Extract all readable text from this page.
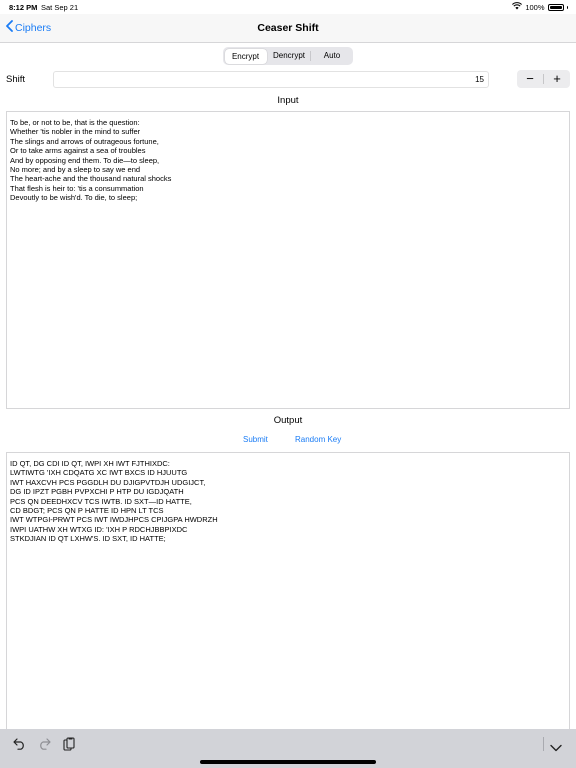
8:12 PM Sat Sep 21	100%
Ciphers	Ceaser Shift
Encrypt	Dencrypt	Auto
Shift	15	−	+
Input
To be, or not to be, that is the question:
Whether 'tis nobler in the mind to suffer
The slings and arrows of outrageous fortune,
Or to take arms against a sea of troubles
And by opposing end them. To die—to sleep,
No more; and by a sleep to say we end
The heart-ache and the thousand natural shocks
That flesh is heir to: 'tis a consummation
Devoutly to be wish'd. To die, to sleep;
Output
Submit	Random Key
ID QT, DG CDI ID QT, IWPI XH IWT FJTHIXDC:
LWTIWTG 'IXH CDQATG XC IWT BXCS ID HJUUTG
IWT HAXCVH PCS PGGDLH DU DJIGPVTDJH UDGIJCT,
DG ID IPZT PGBH PVPXCHI P HTP DU IGDJQATH
PCS QN DEEDHXCV TCS IWTB. ID SXT—ID HATTE,
CD BDGT; PCS QN P HATTE ID HPN LT TCS
IWT WTPGI-PRWT PCS IWT IWDJHPCS CPIJGPA HWDRZH
IWPI UATHW XH WTXG ID: 'IXH P RDCHJBBPIXDC
STKDJIAN ID QT LXHW'S. ID SXT, ID HATTE;
